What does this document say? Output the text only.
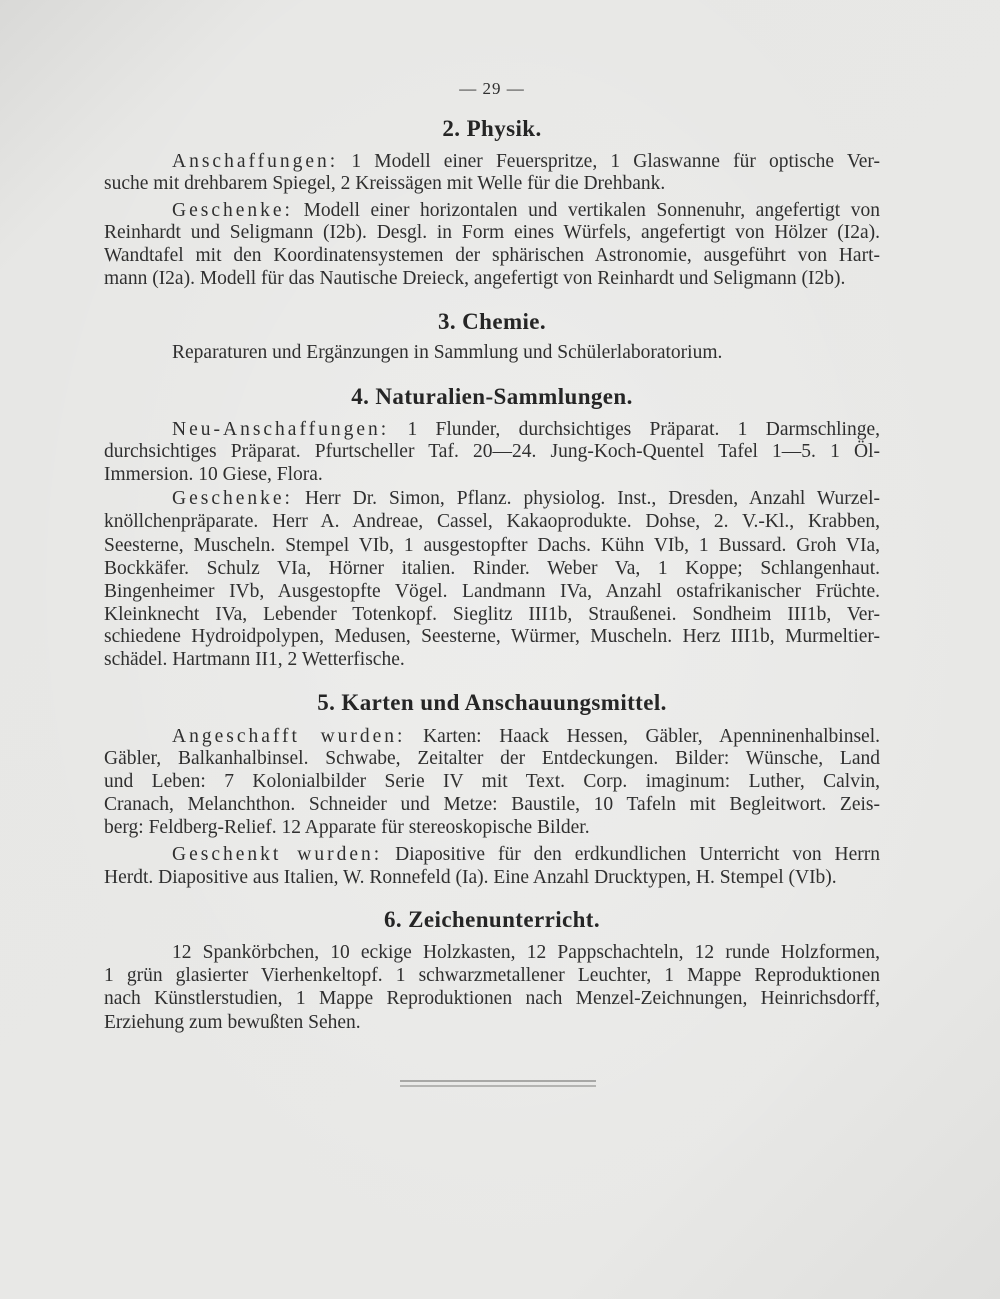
— 29 —
2. Physik.
Anschaffungen: 1 Modell einer Feuerspritze, 1 Glaswanne für optische Ver-
suche mit drehbarem Spiegel, 2 Kreissägen mit Welle für die Drehbank.
Geschenke: Modell einer horizontalen und vertikalen Sonnenuhr, angefertigt von
Reinhardt und Seligmann (I2b). Desgl. in Form eines Würfels, angefertigt von Hölzer (I2a).
Wandtafel mit den Koordinatensystemen der sphärischen Astronomie, ausgeführt von Hart-
mann (I2a). Modell für das Nautische Dreieck, angefertigt von Reinhardt und Seligmann (I2b).
3. Chemie.
Reparaturen und Ergänzungen in Sammlung und Schülerlaboratorium.
4. Naturalien-Sammlungen.
Neu-Anschaffungen: 1 Flunder, durchsichtiges Präparat. 1 Darmschlinge,
durchsichtiges Präparat. Pfurtscheller Taf. 20—24. Jung-Koch-Quentel Tafel 1—5. 1 Öl-
Immersion. 10 Giese, Flora.
Geschenke: Herr Dr. Simon, Pflanz. physiolog. Inst., Dresden, Anzahl Wurzel-
knöllchenpräparate. Herr A. Andreae, Cassel, Kakaoprodukte. Dohse, 2. V.-Kl., Krabben,
Seesterne, Muscheln. Stempel VIb, 1 ausgestopfter Dachs. Kühn VIb, 1 Bussard. Groh VIa,
Bockkäfer. Schulz VIa, Hörner italien. Rinder. Weber Va, 1 Koppe; Schlangenhaut.
Bingenheimer IVb, Ausgestopfte Vögel. Landmann IVa, Anzahl ostafrikanischer Früchte.
Kleinknecht IVa, Lebender Totenkopf. Sieglitz III1b, Straußenei. Sondheim III1b, Ver-
schiedene Hydroidpolypen, Medusen, Seesterne, Würmer, Muscheln. Herz III1b, Murmeltier-
schädel. Hartmann II1, 2 Wetterfische.
5. Karten und Anschauungsmittel.
Angeschafft wurden: Karten: Haack Hessen, Gäbler, Apenninenhalbinsel.
Gäbler, Balkanhalbinsel. Schwabe, Zeitalter der Entdeckungen. Bilder: Wünsche, Land
und Leben: 7 Kolonialbilder Serie IV mit Text. Corp. imaginum: Luther, Calvin,
Cranach, Melanchthon. Schneider und Metze: Baustile, 10 Tafeln mit Begleitwort. Zeis-
berg: Feldberg-Relief. 12 Apparate für stereoskopische Bilder.
Geschenkt wurden: Diapositive für den erdkundlichen Unterricht von Herrn
Herdt. Diapositive aus Italien, W. Ronnefeld (Ia). Eine Anzahl Drucktypen, H. Stempel (VIb).
6. Zeichenunterricht.
12 Spankörbchen, 10 eckige Holzkasten, 12 Pappschachteln, 12 runde Holzformen,
1 grün glasierter Vierhenkeltopf. 1 schwarzmetallener Leuchter, 1 Mappe Reproduktionen
nach Künstlerstudien, 1 Mappe Reproduktionen nach Menzel-Zeichnungen, Heinrichsdorff,
Erziehung zum bewußten Sehen.
